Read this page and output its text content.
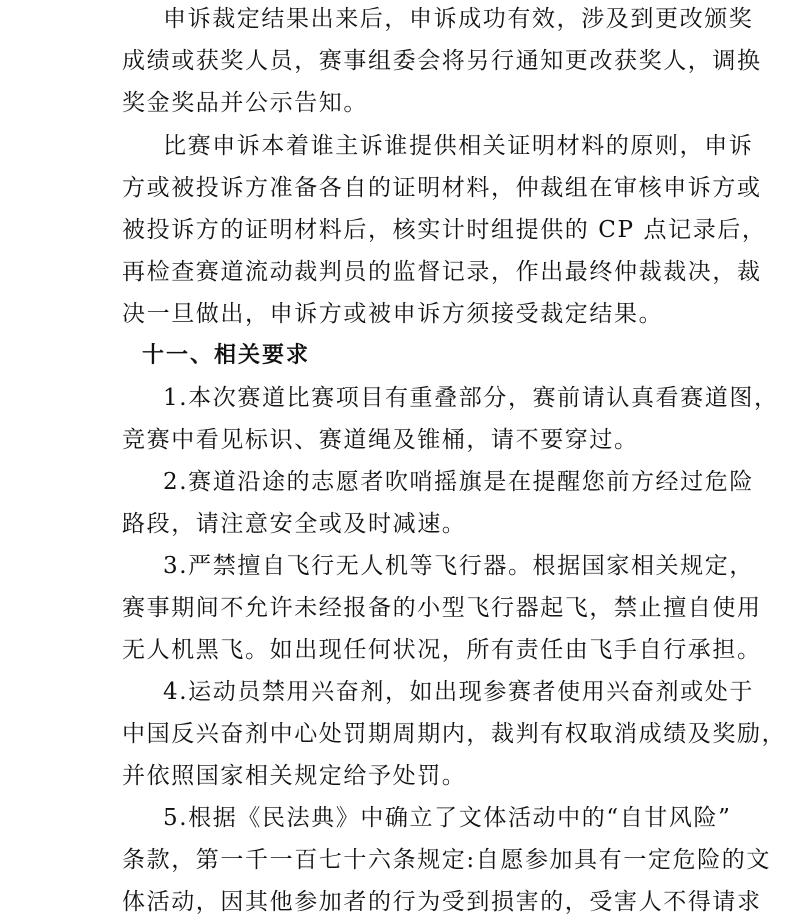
申诉裁定结果出来后，申诉成功有效，涉及到更改颁奖
成绩或获奖人员，赛事组委会将另行通知更改获奖人，调换
奖金奖品并公示告知。
比赛申诉本着谁主诉谁提供相关证明材料的原则，申诉
方或被投诉方准备各自的证明材料，仲裁组在审核申诉方或
被投诉方的证明材料后，核实计时组提供的 CP 点记录后，
再检查赛道流动裁判员的监督记录，作出最终仲裁裁决，裁
决一旦做出，申诉方或被申诉方须接受裁定结果。
十一、相关要求
1.本次赛道比赛项目有重叠部分，赛前请认真看赛道图，
竞赛中看见标识、赛道绳及锥桶，请不要穿过。
2.赛道沿途的志愿者吹哨摇旗是在提醒您前方经过危险
路段，请注意安全或及时减速。
3.严禁擅自飞行无人机等飞行器。根据国家相关规定，
赛事期间不允许未经报备的小型飞行器起飞，禁止擅自使用
无人机黑飞。如出现任何状况，所有责任由飞手自行承担。
4.运动员禁用兴奋剂，如出现参赛者使用兴奋剂或处于
中国反兴奋剂中心处罚期周期内，裁判有权取消成绩及奖励，
并依照国家相关规定给予处罚。
5.根据《民法典》中确立了文体活动中的“自甘风险”
条款，第一千一百七十六条规定:自愿参加具有一定危险的文
体活动，因其他参加者的行为受到损害的，受害人不得请求
